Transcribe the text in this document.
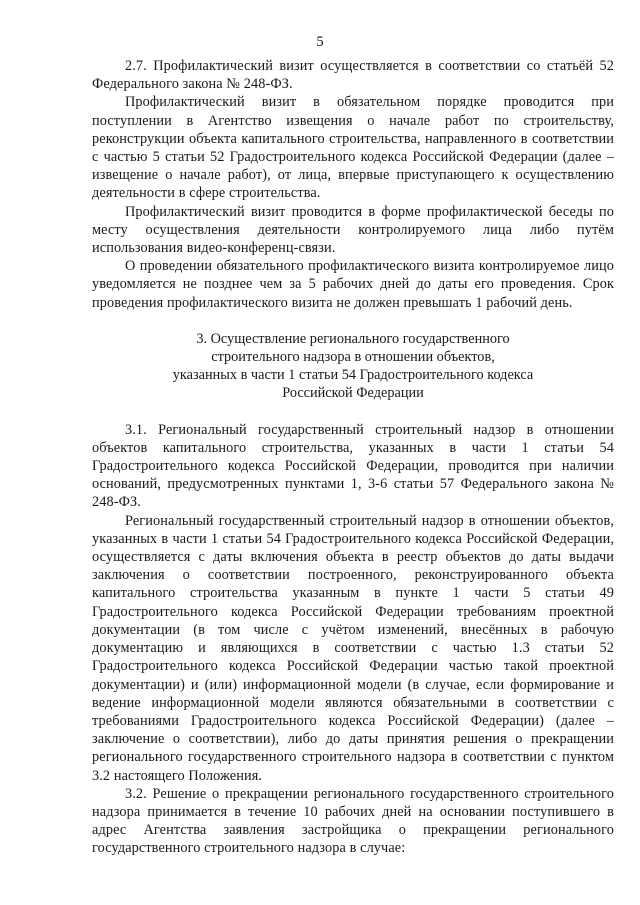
5

2.7. Профилактический визит осуществляется в соответствии со статьёй 52 Федерального закона № 248-ФЗ.

Профилактический визит в обязательном порядке проводится при поступлении в Агентство извещения о начале работ по строительству, реконструкции объекта капитального строительства, направленного в соответствии с частью 5 статьи 52 Градостроительного кодекса Российской Федерации (далее – извещение о начале работ), от лица, впервые приступающего к осуществлению деятельности в сфере строительства.

Профилактический визит проводится в форме профилактической беседы по месту осуществления деятельности контролируемого лица либо путём использования видео-конференц-связи.

О проведении обязательного профилактического визита контролируемое лицо уведомляется не позднее чем за 5 рабочих дней до даты его проведения. Срок проведения профилактического визита не должен превышать 1 рабочий день.

3. Осуществление регионального государственного
строительного надзора в отношении объектов,
указанных в части 1 статьи 54 Градостроительного кодекса
Российской Федерации

3.1. Региональный государственный строительный надзор в отношении объектов капитального строительства, указанных в части 1 статьи 54 Градостроительного кодекса Российской Федерации, проводится при наличии оснований, предусмотренных пунктами 1, 3-6 статьи 57 Федерального закона № 248-ФЗ.

Региональный государственный строительный надзор в отношении объектов, указанных в части 1 статьи 54 Градостроительного кодекса Российской Федерации, осуществляется с даты включения объекта в реестр объектов до даты выдачи заключения о соответствии построенного, реконструированного объекта капитального строительства указанным в пункте 1 части 5 статьи 49 Градостроительного кодекса Российской Федерации требованиям проектной документации (в том числе с учётом изменений, внесённых в рабочую документацию и являющихся в соответствии с частью 1.3 статьи 52 Градостроительного кодекса Российской Федерации частью такой проектной документации) и (или) информационной модели (в случае, если формирование и ведение информационной модели являются обязательными в соответствии с требованиями Градостроительного кодекса Российской Федерации) (далее – заключение о соответствии), либо до даты принятия решения о прекращении регионального государственного строительного надзора в соответствии с пунктом 3.2 настоящего Положения.

3.2. Решение о прекращении регионального государственного строительного надзора принимается в течение 10 рабочих дней на основании поступившего в адрес Агентства заявления застройщика о прекращении регионального государственного строительного надзора в случае:
